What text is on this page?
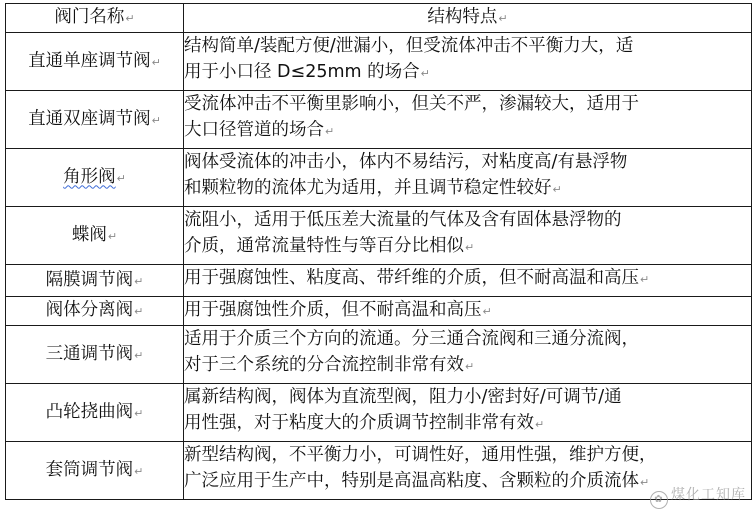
阀门名称↵	结构特点↵
直通单座调节阀↵	结构简单/装配方便/泄漏小，但受流体冲击不平衡力大，适
用于小口径 D≤25mm 的场合↵

直通双座调节阀↵	受流体冲击不平衡里影响小，但关不严，渗漏较大，适用于
大口径管道的场合↵

角形阀↵	阀体受流体的冲击小，体内不易结污，对粘度高/有悬浮物
和颗粒物的流体尤为适用，并且调节稳定性较好↵

蝶阀↵	流阻小，适用于低压差大流量的气体及含有固体悬浮物的
介质，通常流量特性与等百分比相似↵

隔膜调节阀↵	用于强腐蚀性、粘度高、带纤维的介质，但不耐高温和高压↵

阀体分离阀↵	用于强腐蚀性介质，但不耐高温和高压↵

三通调节阀↵	适用于介质三个方向的流通。分三通合流阀和三通分流阀，
对于三个系统的分合流控制非常有效↵

凸轮挠曲阀↵	属新结构阀，阀体为直流型阀，阻力小/密封好/可调节/通
用性强，对于粘度大的介质调节控制非常有效↵

套筒调节阀↵	新型结构阀，不平衡力小，可调性好，通用性强，维护方便，
广泛应用于生产中，特别是高温高粘度、含颗粒的介质流体↵
✿ 煤化工知库
